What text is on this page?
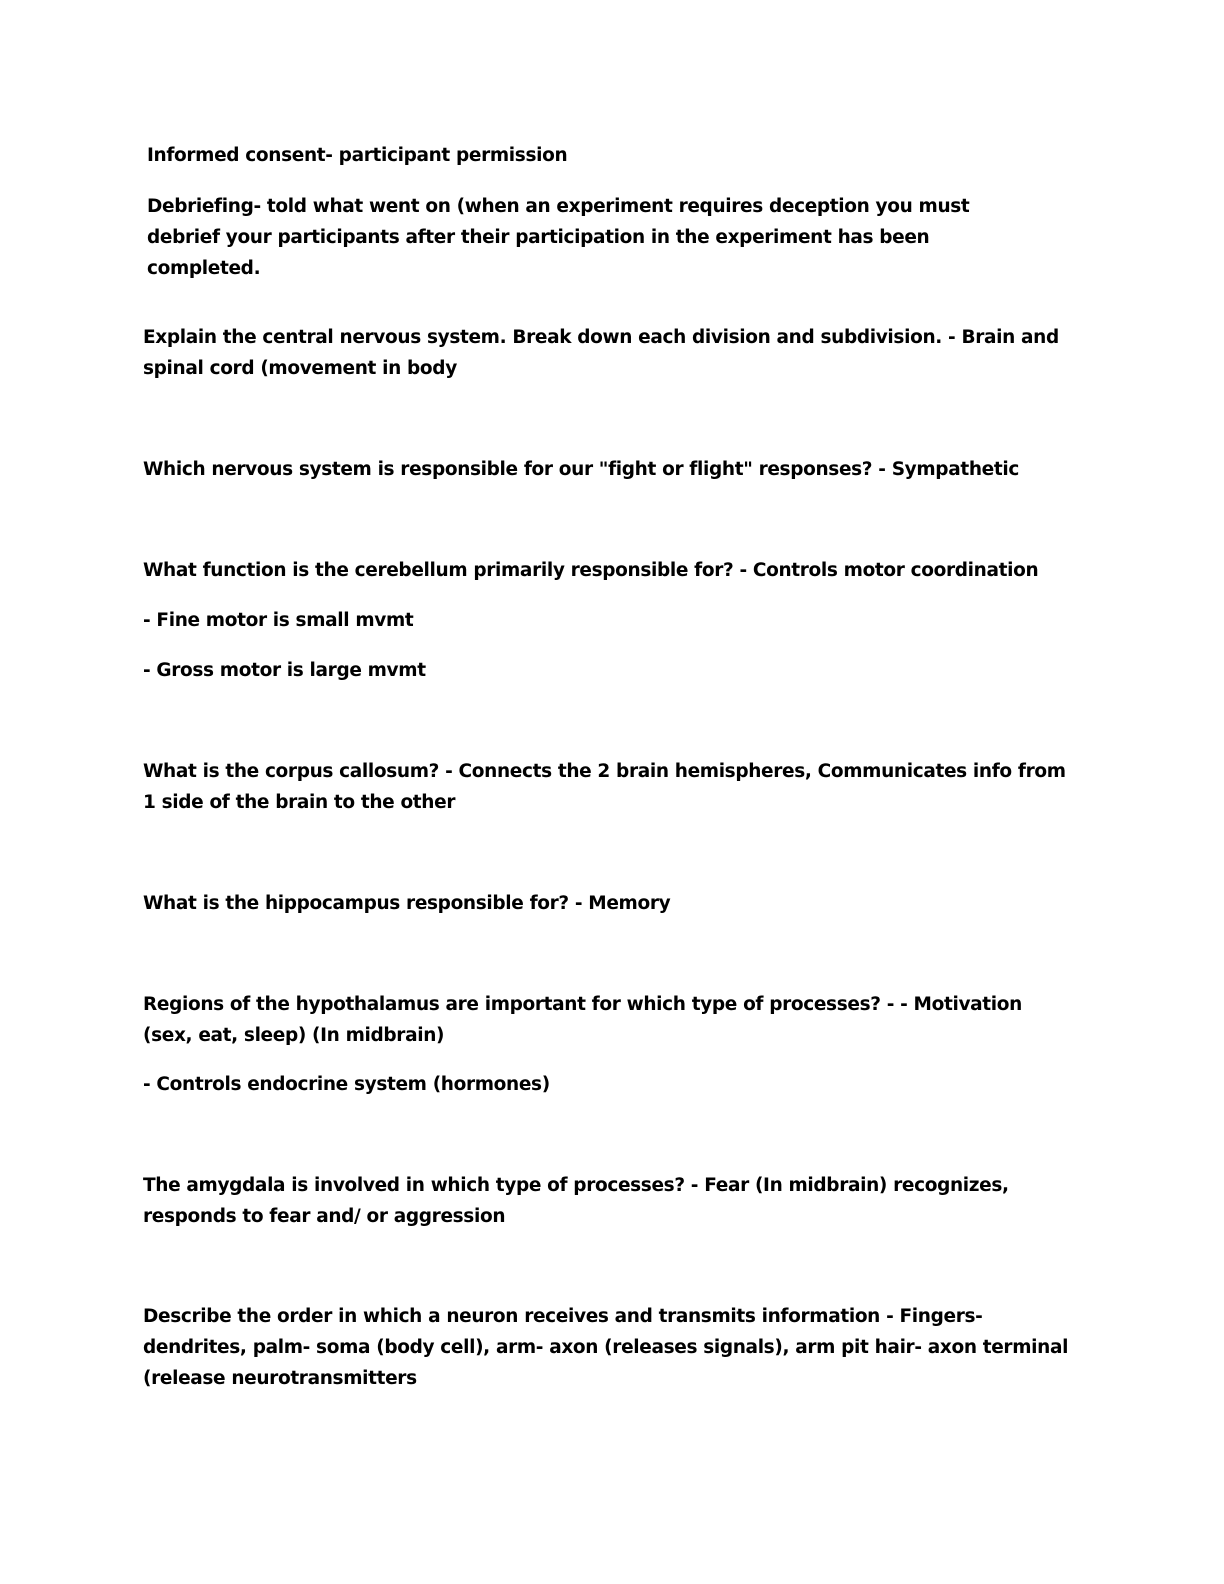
Informed consent- participant permission

Debriefing- told what went on (when an experiment requires deception you must debrief your participants after their participation in the experiment has been completed.

Explain the central nervous system. Break down each division and subdivision. - Brain and spinal cord (movement in body

Which nervous system is responsible for our "fight or flight" responses? - Sympathetic

What function is the cerebellum primarily responsible for? - Controls motor coordination

- Fine motor is small mvmt

- Gross motor is large mvmt

What is the corpus callosum? - Connects the 2 brain hemispheres, Communicates info from 1 side of the brain to the other

What is the hippocampus responsible for? - Memory

Regions of the hypothalamus are important for which type of processes? - - Motivation (sex, eat, sleep) (In midbrain)

- Controls endocrine system (hormones)

The amygdala is involved in which type of processes? - Fear (In midbrain) recognizes, responds to fear and/ or aggression

Describe the order in which a neuron receives and transmits information - Fingers- dendrites, palm- soma (body cell), arm- axon (releases signals), arm pit hair- axon terminal (release neurotransmitters
